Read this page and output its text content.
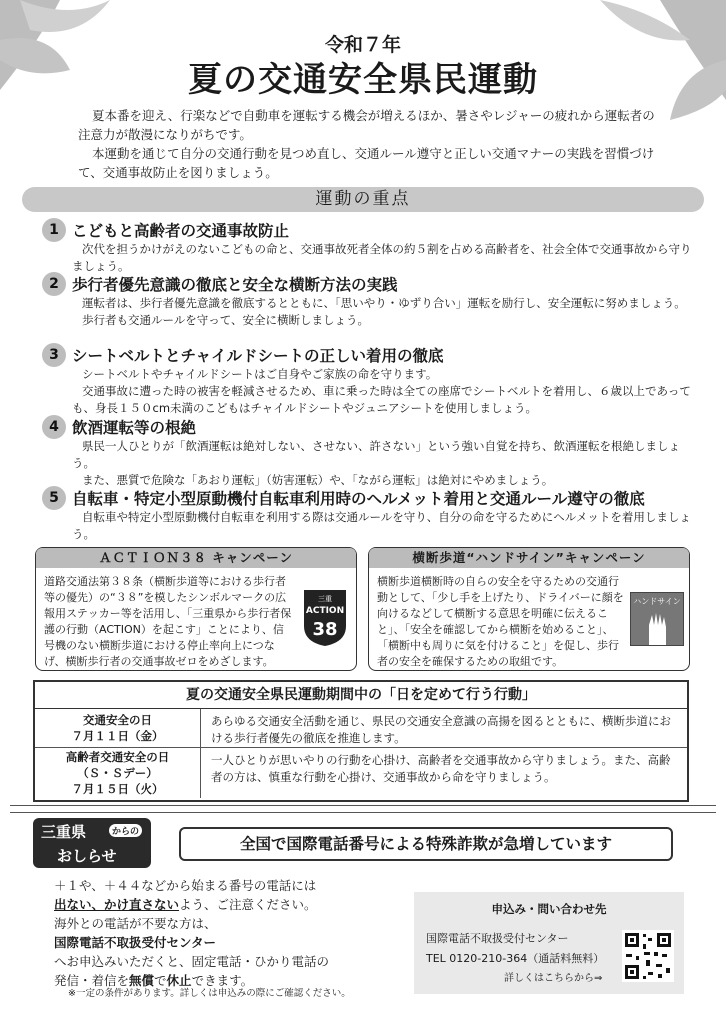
令和７年
夏の交通安全県民運動

夏本番を迎え、行楽などで自動車を運転する機会が増えるほか、暑さやレジャーの疲れから運転者の注意力が散漫になりがちです。

本運動を通じて自分の交通行動を見つめ直し、交通ルール遵守と正しい交通マナーの実践を習慣づけて、交通事故防止を図りましょう。

運動の重点
1 こどもと高齢者の交通事故防止

次代を担うかけがえのないこどもの命と、交通事故死者全体の約５割を占める高齢者を、社会全体で交通事故から守りましょう。

2 歩行者優先意識の徹底と安全な横断方法の実践

運転者は、歩行者優先意識を徹底するとともに、「思いやり・ゆずり合い」運転を励行し、安全運転に努めましょう。

歩行者も交通ルールを守って、安全に横断しましょう。

3 シートベルトとチャイルドシートの正しい着用の徹底

シートベルトやチャイルドシートはご自身やご家族の命を守ります。

交通事故に遭った時の被害を軽減させるため、車に乗った時は全ての座席でシートベルトを着用し、６歳以上であっても、身長１５０cm未満のこどもはチャイルドシートやジュニアシートを使用しましょう。

4 飲酒運転等の根絶

県民一人ひとりが「飲酒運転は絶対しない、させない、許さない」という強い自覚を持ち、飲酒運転を根絶しましょう。

また、悪質で危険な「あおり運転」（妨害運転）や、「ながら運転」は絶対にやめましょう。

5 自転車・特定小型原動機付自転車利用時のヘルメット着用と交通ルール遵守の徹底

自転車や特定小型原動機付自転車を利用する際は交通ルールを守り、自分の命を守るためにヘルメットを着用しましょう。

ＡＣＴＩＯＮ３８ キャンペーン
道路交通法第３８条（横断歩道等における歩行者等の優先）の“３８”を模したシンボルマークの広報用ステッカー等を活用し、「三重県から歩行者保護の行動（ACTION）を起こす」ことにより、信号機のない横断歩道における停止率向上につなげ、横断歩行者の交通事故ゼロをめざします。
三重
ACTION
38
横断歩道“ハンドサイン”キャンペーン
横断歩道横断時の自らの安全を守るための交通行動として、「少し手を上げたり、ドライバーに顔を向けるなどして横断する意思を明確に伝えること」、「安全を確認してから横断を始めること」、「横断中も周りに気を付けること」を促し、歩行者の安全を確保するための取組です。
ハンドサイン
夏の交通安全県民運動期間中の「日を定めて行う行動」
交通安全の日
７月１１日（金）
あらゆる交通安全活動を通じ、県民の交通安全意識の高揚を図るとともに、横断歩道における歩行者優先の徹底を推進します。
高齢者交通安全の日
（Ｓ・Ｓデー）
７月１５日（火）
一人ひとりが思いやりの行動を心掛け、高齢者を交通事故から守りましょう。また、高齢者の方は、慎重な行動を心掛け、交通事故から命を守りましょう。
三重県	からの
おしらせ
全国で国際電話番号による特殊詐欺が急増しています

＋１や、＋４４などから始まる番号の電話には

出ない、かけ直さないよう、ご注意ください。

海外との電話が不要な方は、

国際電話不取扱受付センター

へお申込みいただくと、固定電話・ひかり電話の

発信・着信を無償で休止できます。

※一定の条件があります。詳しくは申込みの際にご確認ください。
申込み・問い合わせ先
国際電話不取扱受付センター
TEL 0120-210-364（通話料無料）
詳しくはこちらから⇒
